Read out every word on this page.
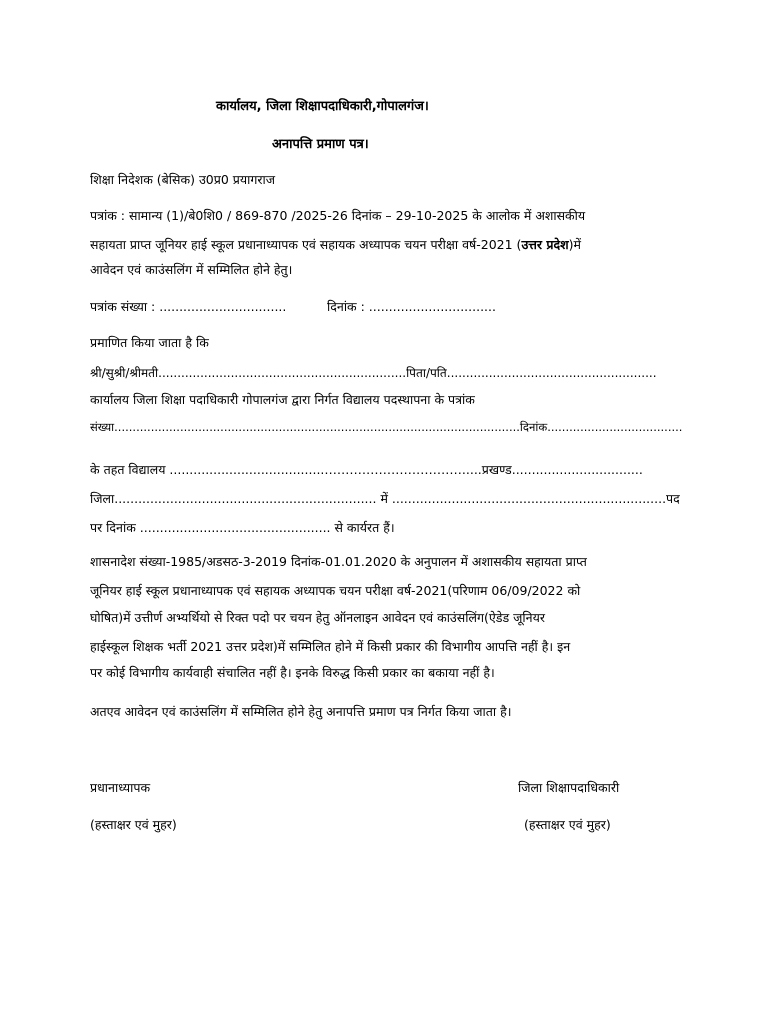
कार्यालय, जिला शिक्षापदाधिकारी,गोपालगंज।
अनापत्ति प्रमाण पत्र।
शिक्षा निदेशक (बेसिक) उ0प्र0 प्रयागराज
पत्रांक : सामान्य (1)/बे0शि0 / 869-870 /2025-26 दिनांक – 29-10-2025 के आलोक में अशासकीय
सहायता प्राप्त जूनियर हाई स्कूल प्रधानाध्यापक एवं सहायक अध्यापक चयन परीक्षा वर्ष-2021 (उत्तर प्रदेश)में
आवेदन एवं काउंसलिंग में सम्मिलित होने हेतु।
पत्रांक संख्या : ................................	दिनांक : ................................
प्रमाणित किया जाता है कि
श्री/सुश्री/श्रीमती.................................................................पिता/पति.......................................................
कार्यालय जिला शिक्षा पदाधिकारी गोपालगंज द्वारा निर्गत विद्यालय पदस्थापना के पत्रांक
संख्या...............................................................................................................दिनांक.....................................
के तहत विद्यालय .......................................…………………………….....प्रखण्ड.................................
जिला.................................................................. में .....................................................................पद
पर दिनांक ................................................ से कार्यरत हैं।
शासनादेश संख्या-1985/अडसठ-3-2019 दिनांक-01.01.2020 के अनुपालन में अशासकीय सहायता प्राप्त
जूनियर हाई स्कूल प्रधानाध्यापक एवं सहायक अध्यापक चयन परीक्षा वर्ष-2021(परिणाम 06/09/2022 को
घोषित)में उत्तीर्ण अभ्यर्थियो से रिक्त पदो पर चयन हेतु ऑनलाइन आवेदन एवं काउंसलिंग(ऐडेड जूनियर
हाईस्कूल शिक्षक भर्ती 2021 उत्तर प्रदेश)में सम्मिलित होने में किसी प्रकार की विभागीय आपत्ति नहीं है। इन
पर कोई विभागीय कार्यवाही संचालित नहीं है। इनके विरुद्ध किसी प्रकार का बकाया नहीं है।
अतएव आवेदन एवं काउंसलिंग में सम्मिलित होने हेतु अनापत्ति प्रमाण पत्र निर्गत किया जाता है।
प्रधानाध्यापक
(हस्ताक्षर एवं मुहर)
जिला शिक्षापदाधिकारी
(हस्ताक्षर एवं मुहर)
